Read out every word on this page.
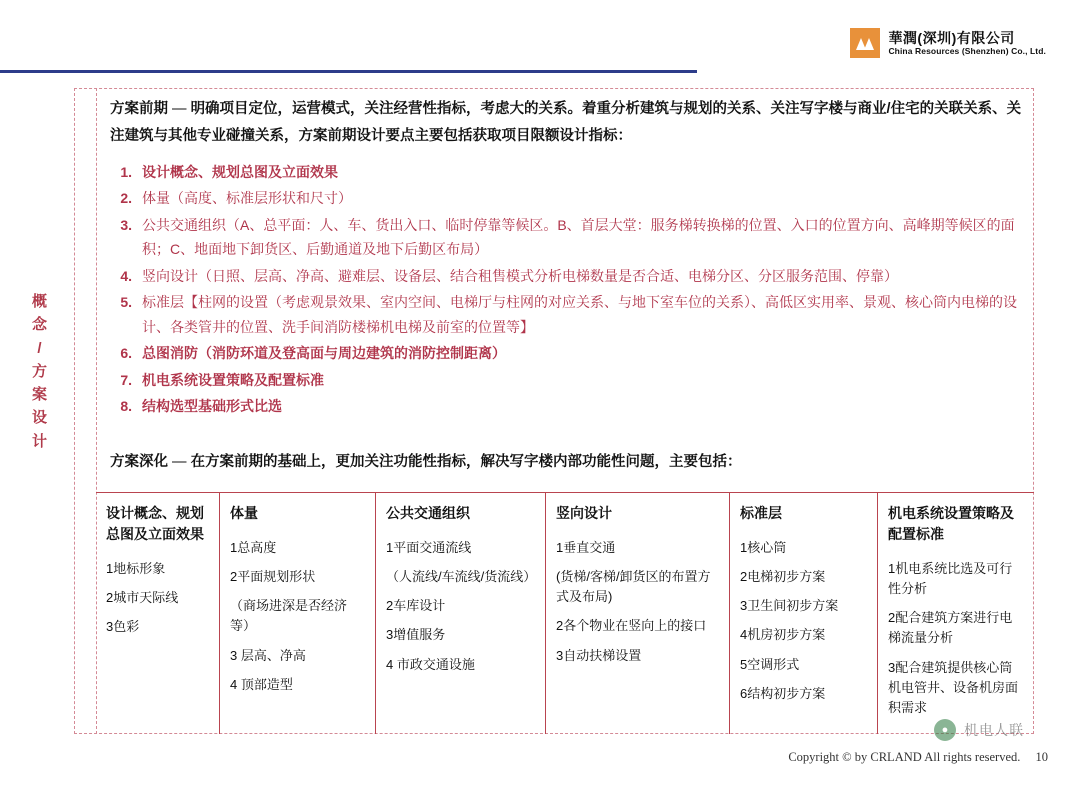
華潤(深圳)有限公司
China Resources (Shenzhen) Co., Ltd.
概
念
/
方
案
设
计
方案前期 — 明确项目定位，运营模式，关注经营性指标，考虑大的关系。着重分析建筑与规划的关系、关注写字楼与商业/住宅的关联关系、关注建筑与其他专业碰撞关系，方案前期设计要点主要包括获取项目限额设计指标：
1. 设计概念、规划总图及立面效果
2. 体量（高度、标准层形状和尺寸）
3. 公共交通组织（A、总平面：人、车、货出入口、临时停靠等候区。B、首层大堂：服务梯转换梯的位置、入口的位置方向、高峰期等候区的面积；C、地面地下卸货区、后勤通道及地下后勤区布局）
4. 竖向设计（日照、层高、净高、避难层、设备层、结合租售模式分析电梯数量是否合适、电梯分区、分区服务范围、停靠）
5. 标准层【柱网的设置（考虑观景效果、室内空间、电梯厅与柱网的对应关系、与地下室车位的关系）、高低区实用率、景观、核心筒内电梯的设计、各类管井的位置、洗手间消防楼梯机电梯及前室的位置等】
6. 总图消防（消防环道及登高面与周边建筑的消防控制距离）
7. 机电系统设置策略及配置标准
8. 结构选型基础形式比选
方案深化 — 在方案前期的基础上，更加关注功能性指标，解决写字楼内部功能性问题，主要包括：
设计概念、规划总图及立面效果
1地标形象
2城市天际线
3色彩
体量
1总高度
2平面规划形状
（商场进深是否经济等）
3 层高、净高
4 顶部造型
公共交通组织
1平面交通流线
（人流线/车流线/货流线）
2车库设计
3增值服务
4 市政交通设施
竖向设计
1垂直交通
(货梯/客梯/卸货区的布置方式及布局)
2各个物业在竖向上的接口
3自动扶梯设置
标准层
1核心筒
2电梯初步方案
3卫生间初步方案
4机房初步方案
5空调形式
6结构初步方案
机电系统设置策略及配置标准
1机电系统比选及可行性分析
2配合建筑方案进行电梯流量分析
3配合建筑提供核心筒机电管井、设备机房面积需求
●	机电人联
Copyright © by CRLAND All rights reserved. 10
